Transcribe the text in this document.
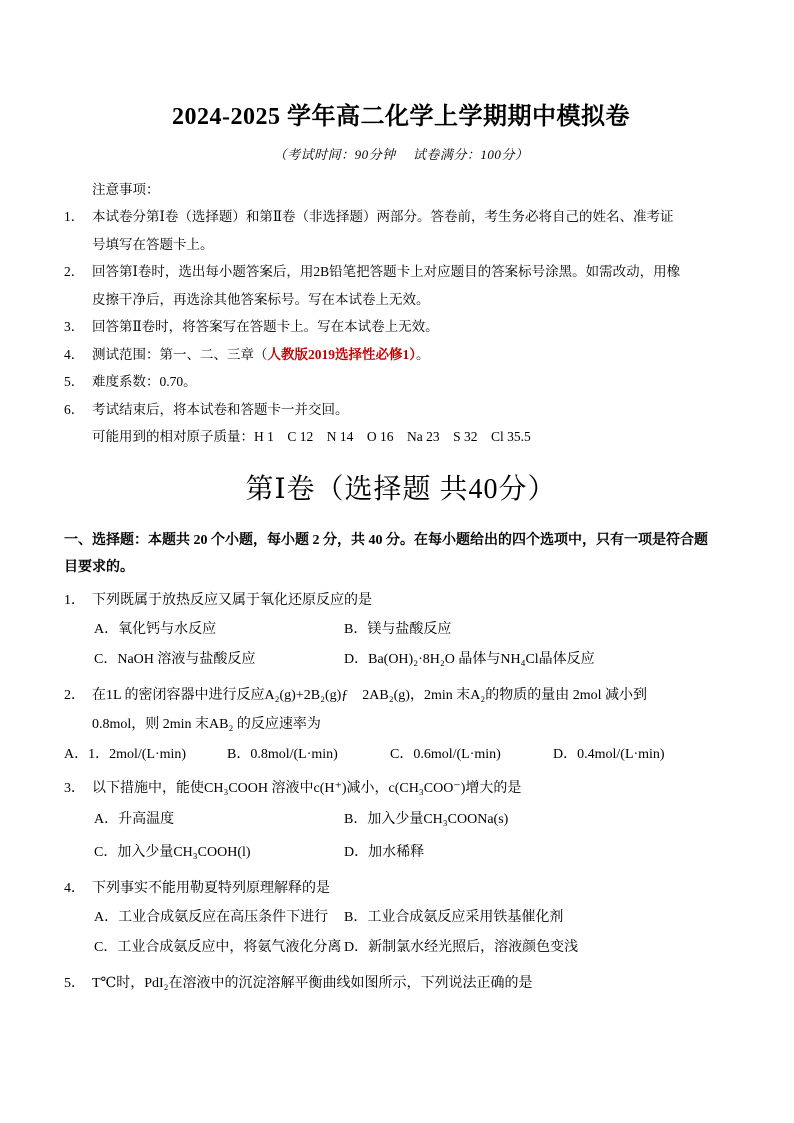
2024-2025 学年高二化学上学期期中模拟卷
（考试时间：90分钟　 试卷满分：100分）
注意事项：
1． 本试卷分第Ⅰ卷（选择题）和第Ⅱ卷（非选择题）两部分。答卷前，考生务必将自己的姓名、准考证
号填写在答题卡上。
2． 回答第Ⅰ卷时，选出每小题答案后，用2B铅笔把答题卡上对应题目的答案标号涂黑。如需改动，用橡
皮擦干净后，再选涂其他答案标号。写在本试卷上无效。
3． 回答第Ⅱ卷时，将答案写在答题卡上。写在本试卷上无效。
4． 测试范围：第一、二、三章（人教版2019选择性必修1）。
5． 难度系数：0.70。
6． 考试结束后，将本试卷和答题卡一并交回。
可能用到的相对原子质量：H 1　C 12　N 14　O 16　Na 23　S 32　Cl 35.5
第Ⅰ卷（选择题 共40分）
一、选择题：本题共 20 个小题，每小题 2 分，共 40 分。在每小题给出的四个选项中，只有一项是符合题
目要求的。
1． 下列既属于放热反应又属于氧化还原反应的是
A．氧化钙与水反应	B．镁与盐酸反应
C．NaOH 溶液与盐酸反应	D．Ba(OH)₂·8H₂O 晶体与NH₄Cl晶体反应
2． 在1L 的密闭容器中进行反应A₂(g)+2B₂(g)ƒ　2AB₂(g)，2min 末A₂的物质的量由 2mol 减小到
0.8mol，则 2min 末AB₂ 的反应速率为
A．1．2mol/(L·min)	B．0.8mol/(L·min)	C．0.6mol/(L·min)	D．0.4mol/(L·min)
3． 以下措施中，能使CH₃COOH 溶液中c(H⁺)减小，c(CH₃COO⁻)增大的是
A．升高温度	B．加入少量CH₃COONa(s)
C．加入少量CH₃COOH(l)	D．加水稀释
4． 下列事实不能用勒夏特列原理解释的是
A．工业合成氨反应在高压条件下进行	B．工业合成氨反应采用铁基催化剂
C．工业合成氨反应中，将氨气液化分离 D．新制氯水经光照后，溶液颜色变浅
5． T℃时，PdI₂在溶液中的沉淀溶解平衡曲线如图所示，下列说法正确的是
